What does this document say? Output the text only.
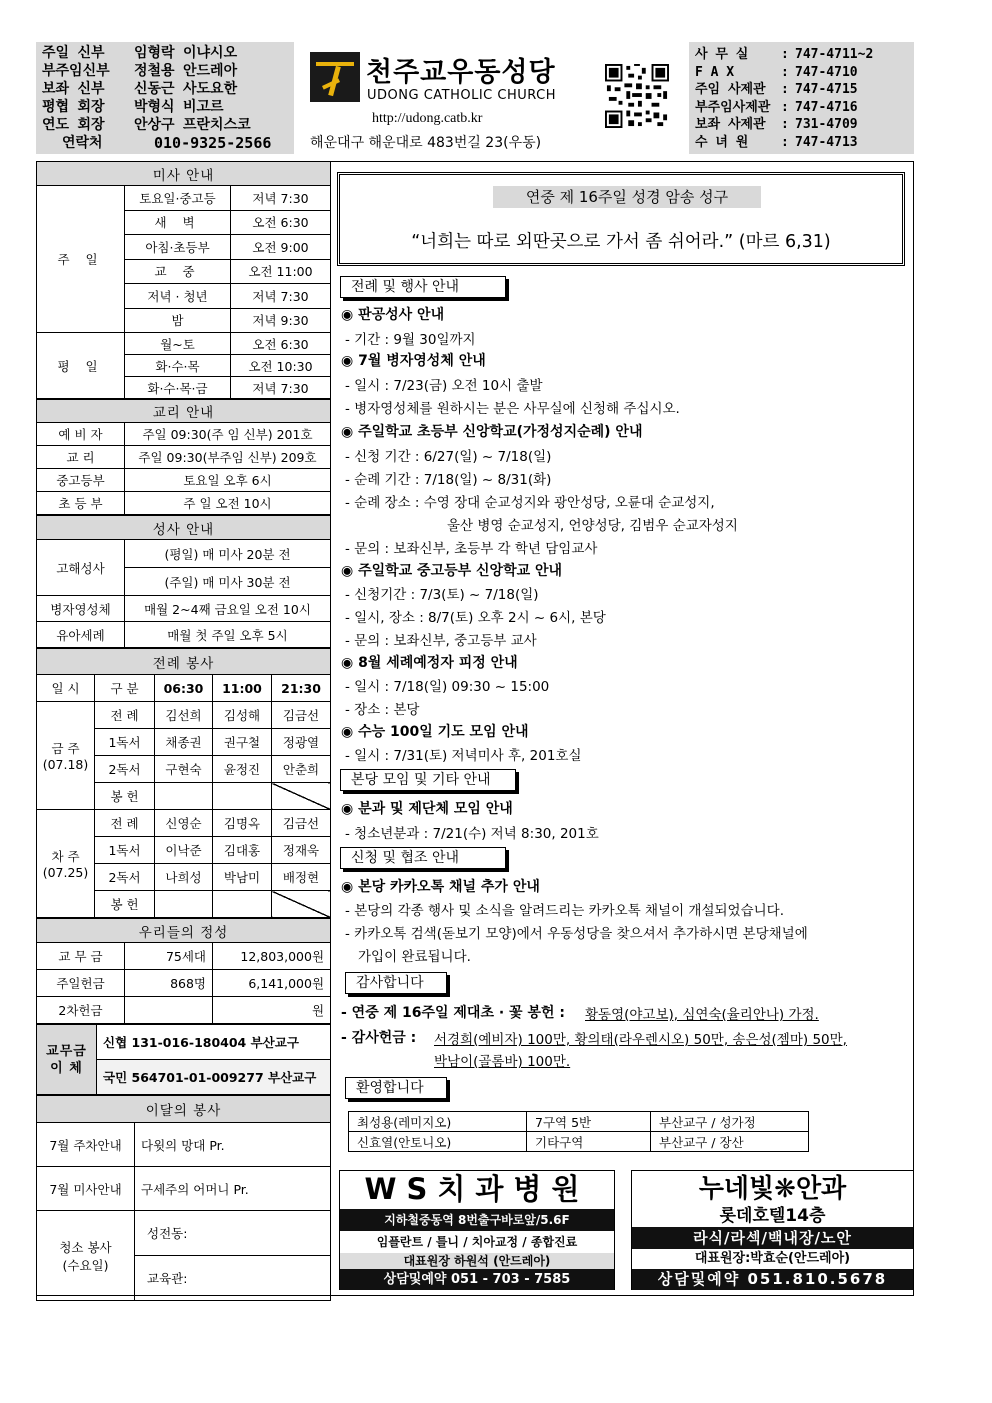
주일 신부	임형락 이냐시오
부주임신부	정철용 안드레아
보좌 신부	신동근 사도요한
평협 회장	박형식 비고르
연도 회장	안상구 프란치스코
연락처	010-9325-2566
천주교우동성당
UDONG CATHOLIC CHURCH
http://udong.catb.kr
해운대구 해운대로 483번길 23(우동)
사 무 실	: 747-4711~2
F A X	: 747-4710
주임 사제관	: 747-4715
부주임사제관 : 747-4716
보좌 사제관	: 731-4709
수 녀 원	: 747-4713
미사 안내		
주 일	토요일·중고등	저녁 7:30
	새 벽	오전 6:30
	아침·초등부	오전 9:00
	교 중	오전 11:00
	저녁 · 청년	저녁 7:30
	밤	저녁 9:30
평 일	월~토	오전 6:30
	화·수·목	오전 10:30
	화·수·목·금	저녁 7:30
교리 안내	
예 비 자	주일 09:30(주 임 신부) 201호
교 리	주일 09:30(부주임 신부) 209호
중고등부	토요일 오후 6시
초 등 부	주 일 오전 10시
성사 안내	
고해성사	(평일) 매 미사 20분 전
	(주일) 매 미사 30분 전
병자영성체	매월 2~4째 금요일 오전 10시
유아세례	매월 첫 주일 오후 5시
전례 봉사				
일 시	구 분	06:30	11:00	21:30

금 주
(07.18)	전 례	김선희	김성해	김금선
	1독서	채종권	권구철	정광열
	2독서	구현숙	윤정진	안춘희
	봉 헌			

차 주
(07.25)	전 례	신영순	김명옥	김금선
	1독서	이낙준	김대홍	정재욱
	2독서	나희성	박남미	배정현
	봉 헌			
우리들의 정성		
교 무 금	75세대	12,803,000원
주일헌금	868명	6,141,000원
2차헌금		원
교무금 이 체	신협 131-016-180404 부산교구
국민 564701-01-009277 부산교구
이달의 봉사	
7월 주차안내	다윗의 망대 Pr.
7월 미사안내	구세주의 어머니 Pr.

청소 봉사
(수요일)	성전동:
	교육관:
연중 제 16주일 성경 암송 성구
“너희는 따로 외딴곳으로 가서 좀 쉬어라.” (마르 6,31)
전례 및 행사 안내
◉ 판공성사 안내
- 기간 : 9월 30일까지
◉ 7월 병자영성체 안내
- 일시 : 7/23(금) 오전 10시 출발
- 병자영성체를 원하시는 분은 사무실에 신청해 주십시오.
◉ 주일학교 초등부 신앙학교(가정성지순례) 안내
- 신청 기간 : 6/27(일) ~ 7/18(일)
- 순례 기간 : 7/18(일) ~ 8/31(화)
- 순례 장소 : 수영 장대 순교성지와 광안성당, 오륜대 순교성지,
울산 병영 순교성지, 언양성당, 김범우 순교자성지
- 문의 : 보좌신부, 초등부 각 학년 담임교사
◉ 주일학교 중고등부 신앙학교 안내
- 신청기간 : 7/3(토) ~ 7/18(일)
- 일시, 장소 : 8/7(토) 오후 2시 ~ 6시, 본당
- 문의 : 보좌신부, 중고등부 교사
◉ 8월 세례예정자 피정 안내
- 일시 : 7/18(일) 09:30 ~ 15:00
- 장소 : 본당
◉ 수능 100일 기도 모임 안내
- 일시 : 7/31(토) 저녁미사 후, 201호실
본당 모임 및 기타 안내
◉ 분과 및 제단체 모임 안내
- 청소년분과 : 7/21(수) 저녁 8:30, 201호
신청 및 협조 안내
◉ 본당 카카오톡 채널 추가 안내
- 본당의 각종 행사 및 소식을 알려드리는 카카오톡 채널이 개설되었습니다.
- 카카오톡 검색(돋보기 모양)에서 우동성당을 찾으셔서 추가하시면 본당채널에
가입이 완료됩니다.
감사합니다
- 연중 제 16주일 제대초 · 꽃 봉헌 : 황동영(야고보), 심연숙(율리안나) 가정.
- 감사헌금 : 서경희(예비자) 100만, 황의태(라우렌시오) 50만, 송은성(젬마) 50만,
박남이(골롬바) 100만.
환영합니다
최성용(레미지오)	7구역 5반	부산교구 / 성가정
신효열(안토니오)	기타구역	부산교구 / 장산
WS치과병원
지하철중동역 8번출구바로앞/5.6F
임플란트 / 틀니 / 치아교정 / 종합진료
대표원장 하원석 (안드레아)
상담및예약 051 - 703 - 7585
누네빛❋안과
롯데호텔14층
라식/라섹/백내장/노안
대표원장:박효순(안드레아)
상담및예약 051.810.5678
